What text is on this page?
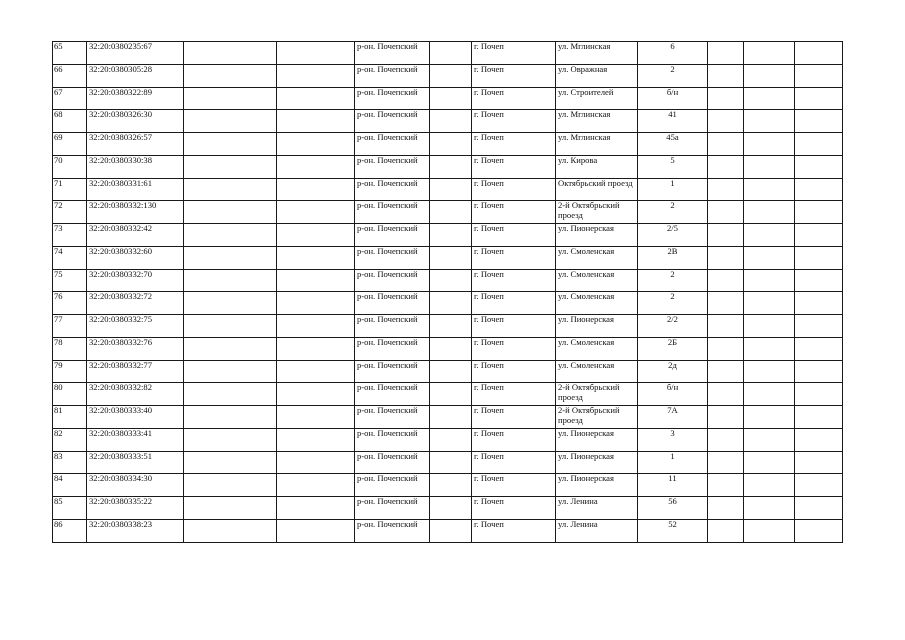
65	32:20:0380235:67			р-он. Почепский		г. Почеп	ул. Мглинская	6			
66	32:20:0380305:28			р-он. Почепский		г. Почеп	ул. Овражная	2			
67	32:20:0380322:89			р-он. Почепский		г. Почеп	ул. Строителей	б/н			
68	32:20:0380326:30			р-он. Почепский		г. Почеп	ул. Мглинская	41			
69	32:20:0380326:57			р-он. Почепский		г. Почеп	ул. Мглинская	45а			
70	32:20:0380330:38			р-он. Почепский		г. Почеп	ул. Кирова	5			
71	32:20:0380331:61			р-он. Почепский		г. Почеп	Октябрьский проезд	1			
72	32:20:0380332:130			р-он. Почепский		г. Почеп	2-й Октябрьский проезд	2			
73	32:20:0380332:42			р-он. Почепский		г. Почеп	ул. Пионерская	2/5			
74	32:20:0380332:60			р-он. Почепский		г. Почеп	ул. Смоленская	2В			
75	32:20:0380332:70			р-он. Почепский		г. Почеп	ул. Смоленская	2			
76	32:20:0380332:72			р-он. Почепский		г. Почеп	ул. Смоленская	2			
77	32:20:0380332:75			р-он. Почепский		г. Почеп	ул. Пионерская	2/2			
78	32:20:0380332:76			р-он. Почепский		г. Почеп	ул. Смоленская	2Б			
79	32:20:0380332:77			р-он. Почепский		г. Почеп	ул. Смоленская	2д			
80	32:20:0380332:82			р-он. Почепский		г. Почеп	2-й Октябрьский проезд	б/н			
81	32:20:0380333:40			р-он. Почепский		г. Почеп	2-й Октябрьский проезд	7А			
82	32:20:0380333:41			р-он. Почепский		г. Почеп	ул. Пионерская	3			
83	32:20:0380333:51			р-он. Почепский		г. Почеп	ул. Пионерская	1			
84	32:20:0380334:30			р-он. Почепский		г. Почеп	ул. Пионерская	11			
85	32:20:0380335:22			р-он. Почепский		г. Почеп	ул. Ленина	56			
86	32:20:0380338:23			р-он. Почепский		г. Почеп	ул. Ленина	52			
